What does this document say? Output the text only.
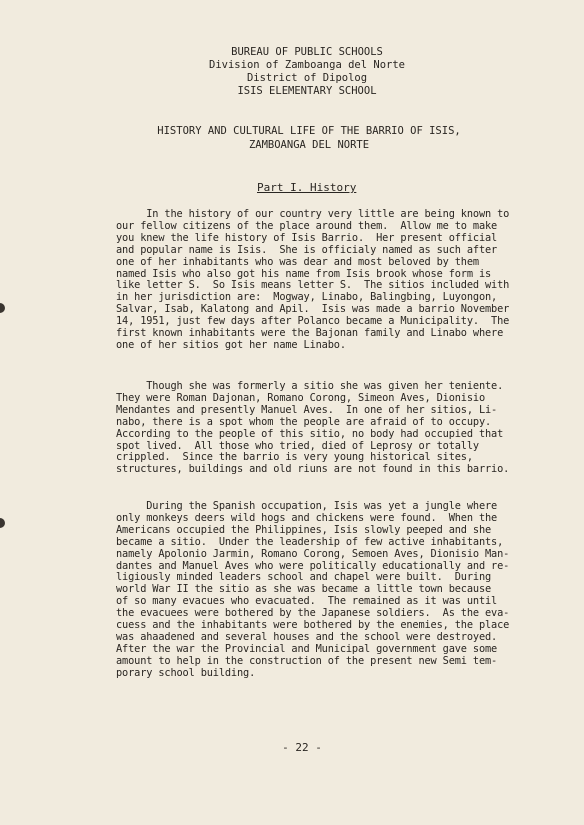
BUREAU OF PUBLIC SCHOOLS
Division of Zamboanga del Norte
District of Dipolog
ISIS ELEMENTARY SCHOOL
HISTORY AND CULTURAL LIFE OF THE BARRIO OF ISIS,
ZAMBOANGA DEL NORTE
Part I. History
In the history of our country very little are being known to
our fellow citizens of the place around them.  Allow me to make
you knew the life history of Isis Barrio.  Her present official
and popular name is Isis.  She is officialy named as such after
one of her inhabitants who was dear and most beloved by them
named Isis who also got his name from Isis brook whose form is
like letter S.  So Isis means letter S.  The sitios included with
in her jurisdiction are:  Mogway, Linabo, Balingbing, Luyongon,
Salvar, Isab, Kalatong and Apil.  Isis was made a barrio November
14, 1951, just few days after Polanco became a Municipality.  The
first known inhabitants were the Bajonan family and Linabo where
one of her sitios got her name Linabo.
Though she was formerly a sitio she was given her teniente.
They were Roman Dajonan, Romano Corong, Simeon Aves, Dionisio
Mendantes and presently Manuel Aves.  In one of her sitios, Li-
nabo, there is a spot whom the people are afraid of to occupy.
According to the people of this sitio, no body had occupied that
spot lived.  All those who tried, died of Leprosy or totally
crippled.  Since the barrio is very young historical sites,
structures, buildings and old riuns are not found in this barrio.
During the Spanish occupation, Isis was yet a jungle where
only monkeys deers wild hogs and chickens were found.  When the
Americans occupied the Philippines, Isis slowly peeped and she
became a sitio.  Under the leadership of few active inhabitants,
namely Apolonio Jarmin, Romano Corong, Semoen Aves, Dionisio Man-
dantes and Manuel Aves who were politically educationally and re-
ligiously minded leaders school and chapel were built.  During
world War II the sitio as she was became a little town because
of so many evacues who evacuated.  The remained as it was until
the evacuees were bothered by the Japanese soldiers.  As the eva-
cuess and the inhabitants were bothered by the enemies, the place
was ahaadened and several houses and the school were destroyed.
After the war the Provincial and Municipal government gave some
amount to help in the construction of the present new Semi tem-
porary school building.
- 22 -
